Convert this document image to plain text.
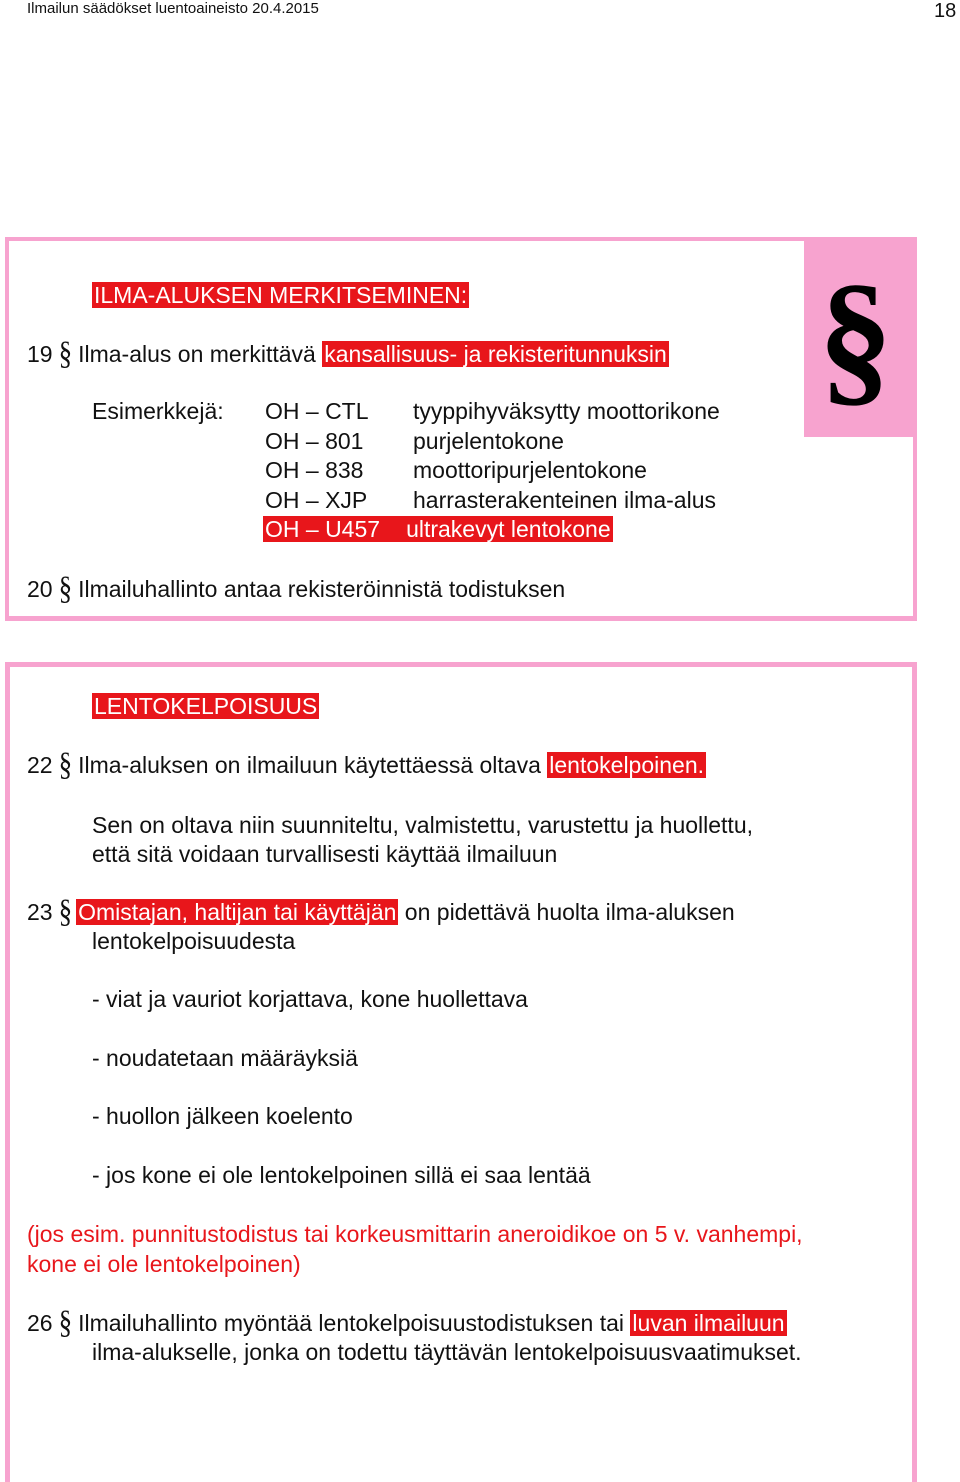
Ilmailun säädökset luentoaineisto 20.4.2015	18
§
ILMA-ALUKSEN MERKITSEMINEN:
19 § Ilma-alus on merkittävä kansallisuus- ja rekisteritunnuksin
Esimerkkejä: OH – CTL tyyppihyväksytty moottorikone
OH – 801 purjelentokone
OH – 838 moottoripurjelentokone
OH – XJP harrasterakenteinen ilma-alus
OH – U457 ultrakevyt lentokone
20 § Ilmailuhallinto antaa rekisteröinnistä todistuksen
LENTOKELPOISUUS
22 § Ilma-aluksen on ilmailuun käytettäessä oltava lentokelpoinen.
Sen on oltava niin suunniteltu, valmistettu, varustettu ja huollettu,
että sitä voidaan turvallisesti käyttää ilmailuun
23 § Omistajan, haltijan tai käyttäjän on pidettävä huolta ilma-aluksen
lentokelpoisuudesta
- viat ja vauriot korjattava, kone huollettava
- noudatetaan määräyksiä
- huollon jälkeen koelento
- jos kone ei ole lentokelpoinen sillä ei saa lentää
(jos esim. punnitustodistus tai korkeusmittarin aneroidikoe on 5 v. vanhempi,
kone ei ole lentokelpoinen)
26 § Ilmailuhallinto myöntää lentokelpoisuustodistuksen tai luvan ilmailuun
ilma-alukselle, jonka on todettu täyttävän lentokelpoisuusvaatimukset.
